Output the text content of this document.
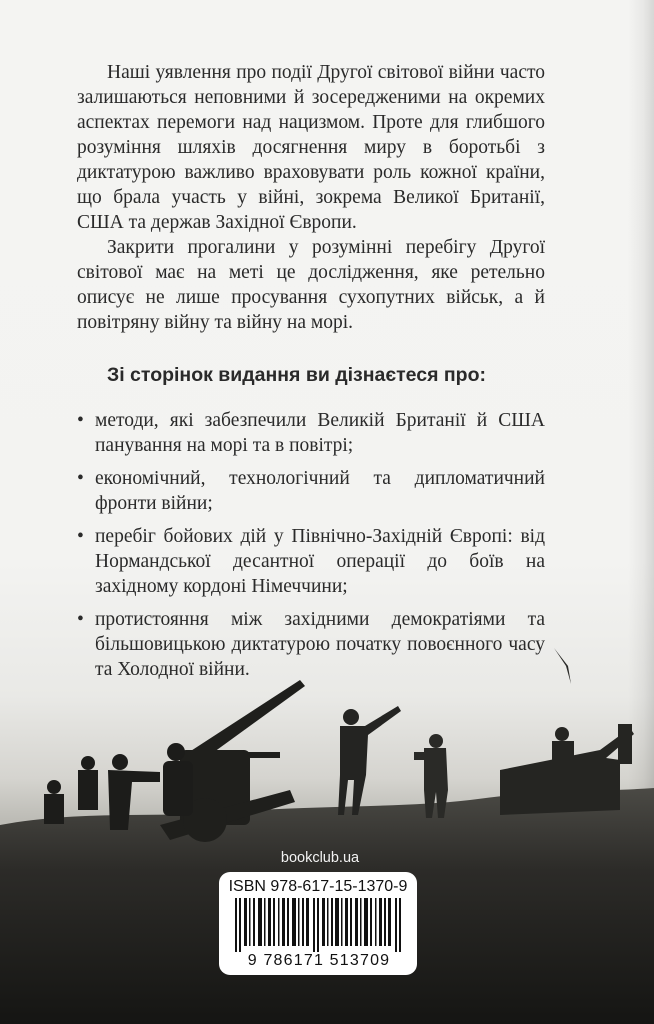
Наші уявлення про події Другої світової війни часто залишаються неповними й зосередженими на окремих аспектах перемоги над нацизмом. Проте для глибшого розуміння шляхів досягнення миру в боротьбі з диктатурою важливо враховувати роль кожної країни, що брала участь у війні, зокрема Великої Британії, США та держав Західної Європи.

Закрити прогалини у розумінні перебігу Другої світової має на меті це дослідження, яке ретельно описує не лише просування сухопутних військ, а й повітряну війну та війну на морі.

Зі сторінок видання ви дізнаєтеся про:
• методи, які забезпечили Великій Британії й США панування на морі та в повітрі;
• економічний, технологічний та дипломатичний фронти війни;
• перебіг бойових дій у Північно-Західній Європі: від Нормандської десантної операції до боїв на західному кордоні Німеччини;
• протистояння між західними демократіями та більшовицькою диктатурою початку повоєнного часу та Холодної війни.
bookclub.ua
ISBN 978-617-15-1370-9
9 786171 513709
